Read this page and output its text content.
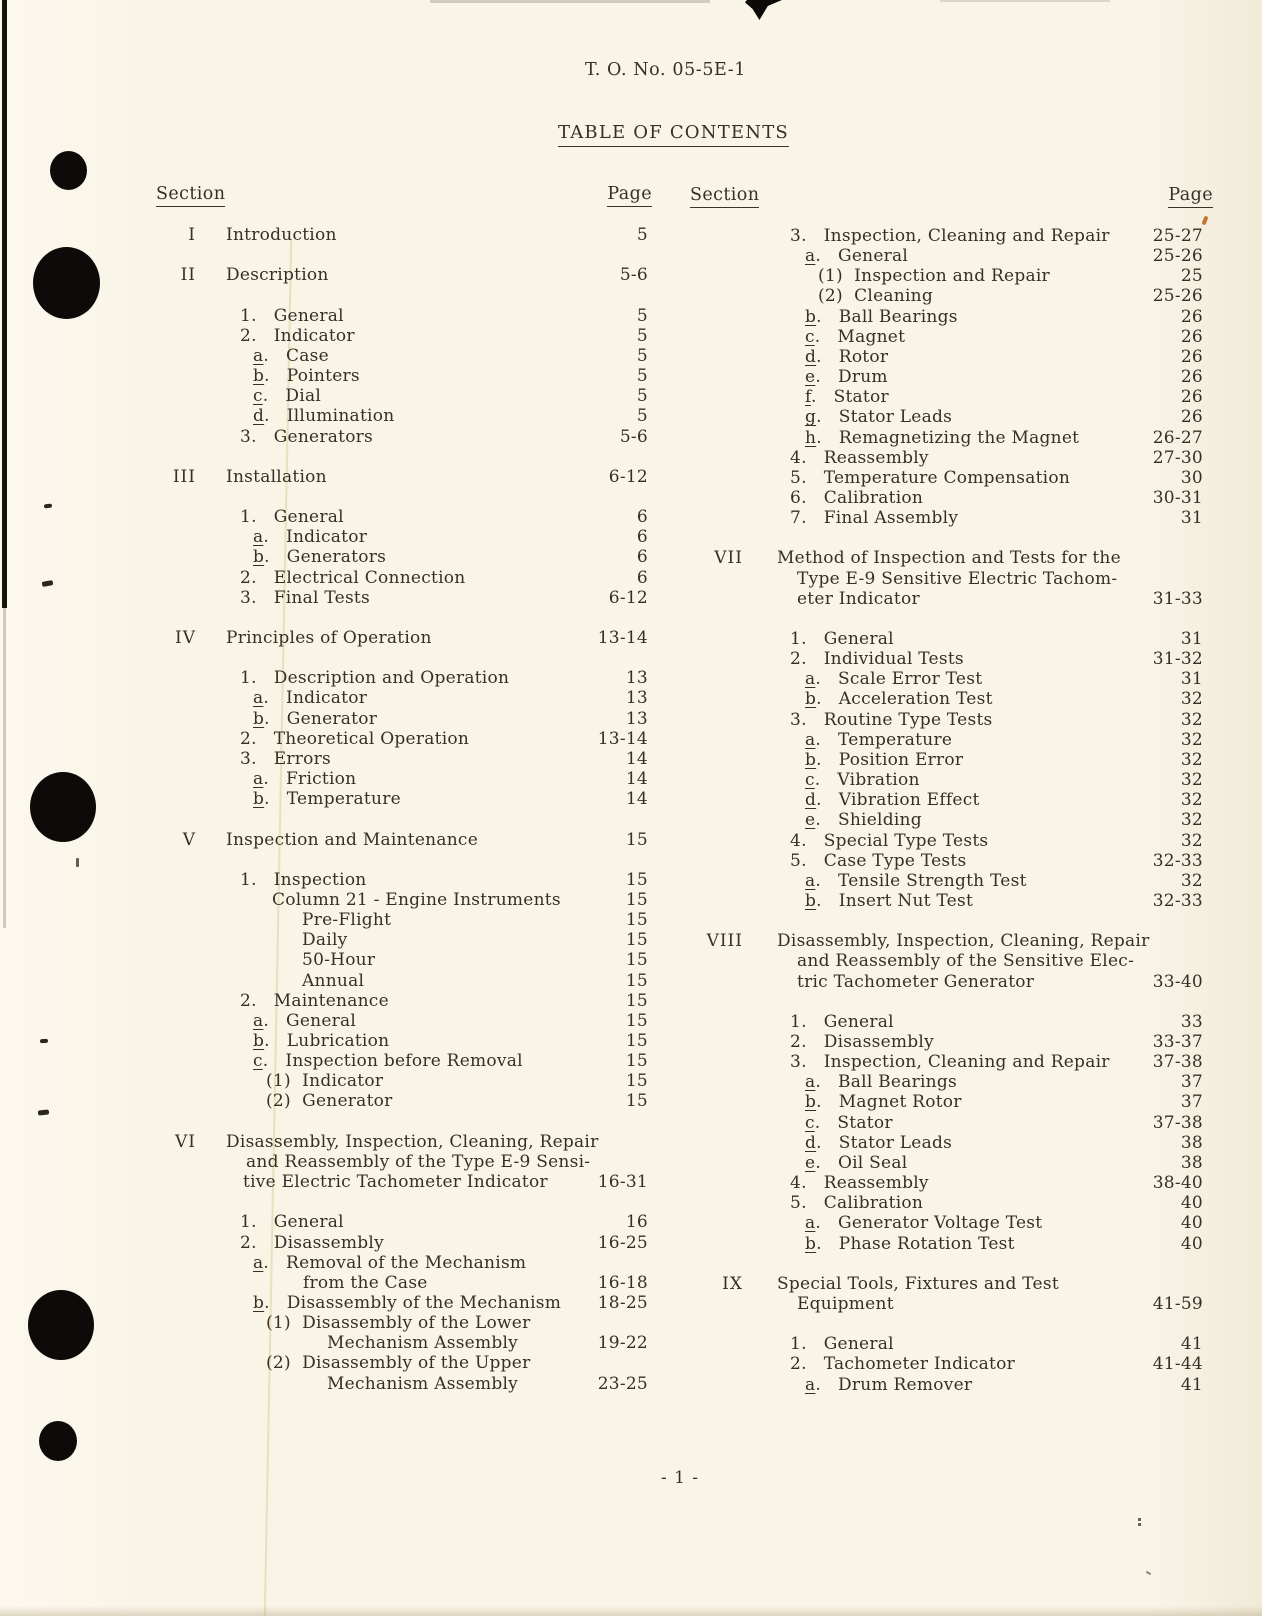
T. O. No. 05-5E-1
TABLE OF CONTENTS
Section	Page Section	Page
I Introduction	5
II Description	5-6
1. General	5
2. Indicator	5
a. Case	5
b. Pointers	5
c. Dial	5
d. Illumination	5
3. Generators	5-6
III Installation	6-12
1. General	6
a. Indicator	6
b. Generators	6
2. Electrical Connection	6
3. Final Tests	6-12
IV Principles of Operation	13-14
1. Description and Operation	13
a. Indicator	13
b. Generator	13
2. Theoretical Operation	13-14
3. Errors	14
a. Friction	14
b. Temperature	14
V Inspection and Maintenance	15
1. Inspection	15
Column 21 - Engine Instruments	15
Pre-Flight	15
Daily	15
50-Hour	15
Annual	15
2. Maintenance	15
a. General	15
b. Lubrication	15
c. Inspection before Removal	15
(1) Indicator	15
(2) Generator	15
VI Disassembly, Inspection, Cleaning, Repair
and Reassembly of the Type E-9 Sensi-
tive Electric Tachometer Indicator	16-31
1. General	16
2. Disassembly	16-25
a. Removal of the Mechanism
from the Case	16-18
b. Disassembly of the Mechanism	18-25
(1) Disassembly of the Lower
Mechanism Assembly	19-22
(2) Disassembly of the Upper
Mechanism Assembly	23-25
3. Inspection, Cleaning and Repair	25-27
a. General	25-26
(1) Inspection and Repair	25
(2) Cleaning	25-26
b. Ball Bearings	26
c. Magnet	26
d. Rotor	26
e. Drum	26
f. Stator	26
g. Stator Leads	26
h. Remagnetizing the Magnet	26-27
4. Reassembly	27-30
5. Temperature Compensation	30
6. Calibration	30-31
7. Final Assembly	31
VII Method of Inspection and Tests for the
Type E-9 Sensitive Electric Tachom-
eter Indicator	31-33
1. General	31
2. Individual Tests	31-32
a. Scale Error Test	31
b. Acceleration Test	32
3. Routine Type Tests	32
a. Temperature	32
b. Position Error	32
c. Vibration	32
d. Vibration Effect	32
e. Shielding	32
4. Special Type Tests	32
5. Case Type Tests	32-33
a. Tensile Strength Test	32
b. Insert Nut Test	32-33
VIII Disassembly, Inspection, Cleaning, Repair
and Reassembly of the Sensitive Elec-
tric Tachometer Generator	33-40
1. General	33
2. Disassembly	33-37
3. Inspection, Cleaning and Repair	37-38
a. Ball Bearings	37
b. Magnet Rotor	37
c. Stator	37-38
d. Stator Leads	38
e. Oil Seal	38
4. Reassembly	38-40
5. Calibration	40
a. Generator Voltage Test	40
b. Phase Rotation Test	40
IX Special Tools, Fixtures and Test
Equipment	41-59
1. General	41
2. Tachometer Indicator	41-44
a. Drum Remover	41
- 1 -
